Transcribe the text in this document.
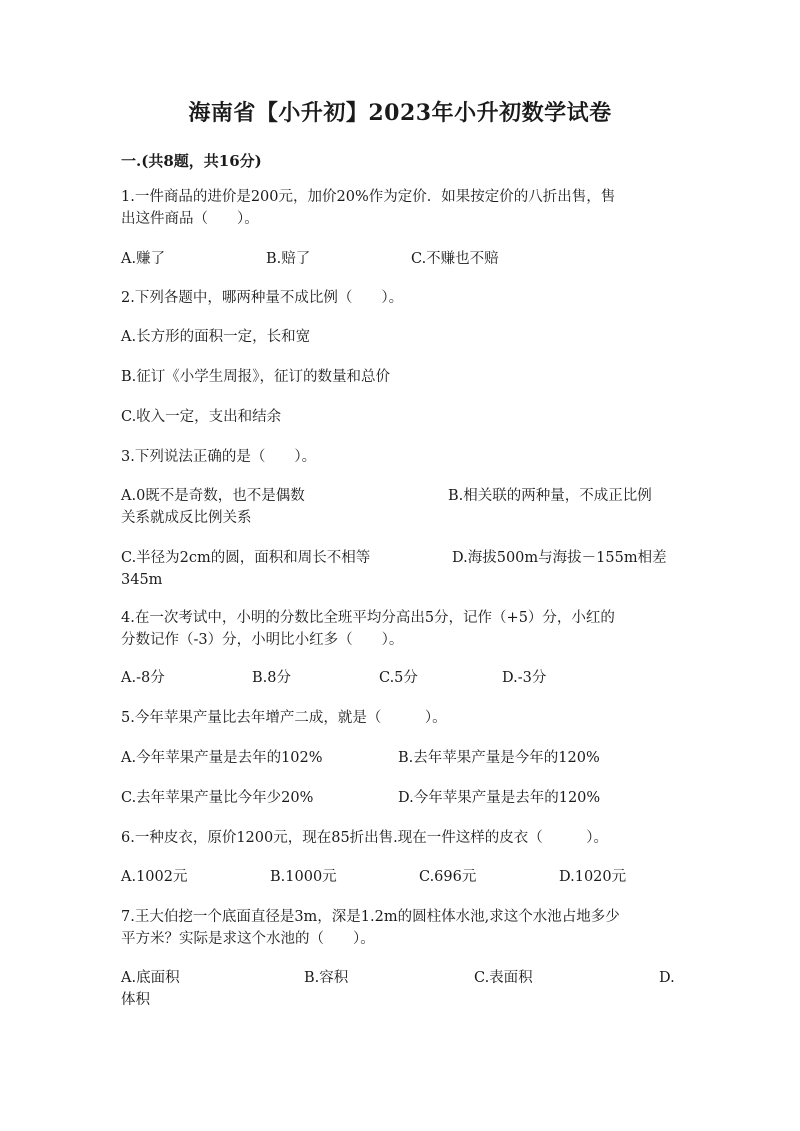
海南省【小升初】2023年小升初数学试卷
一.(共8题，共16分)
1.一件商品的进价是200元，加价20%作为定价．如果按定价的八折出售，售
出这件商品（　　）。
A.赚了	B.赔了	C.不赚也不赔
2.下列各题中，哪两种量不成比例（　　）。
A.长方形的面积一定，长和宽
B.征订《小学生周报》，征订的数量和总价
C.收入一定，支出和结余
3.下列说法正确的是（　　）。
A.0既不是奇数，也不是偶数	B.相关联的两种量，不成正比例
关系就成反比例关系
C.半径为2cm的圆，面积和周长不相等	D.海拔500m与海拔－155m相差
345m
4.在一次考试中，小明的分数比全班平均分高出5分，记作（+5）分，小红的
分数记作（-3）分，小明比小红多（　　）。
A.-8分	B.8分	C.5分	D.-3分
5.今年苹果产量比去年增产二成，就是（　　　）。
A.今年苹果产量是去年的102%	B.去年苹果产量是今年的120%
C.去年苹果产量比今年少20%	D.今年苹果产量是去年的120%
6.一种皮衣，原价1200元，现在85折出售.现在一件这样的皮衣（　　　）。
A.1002元	B.1000元	C.696元	D.1020元
7.王大伯挖一个底面直径是3m，深是1.2m的圆柱体水池,求这个水池占地多少
平方米？实际是求这个水池的（　　）。
A.底面积	B.容积	C.表面积	D.
体积
